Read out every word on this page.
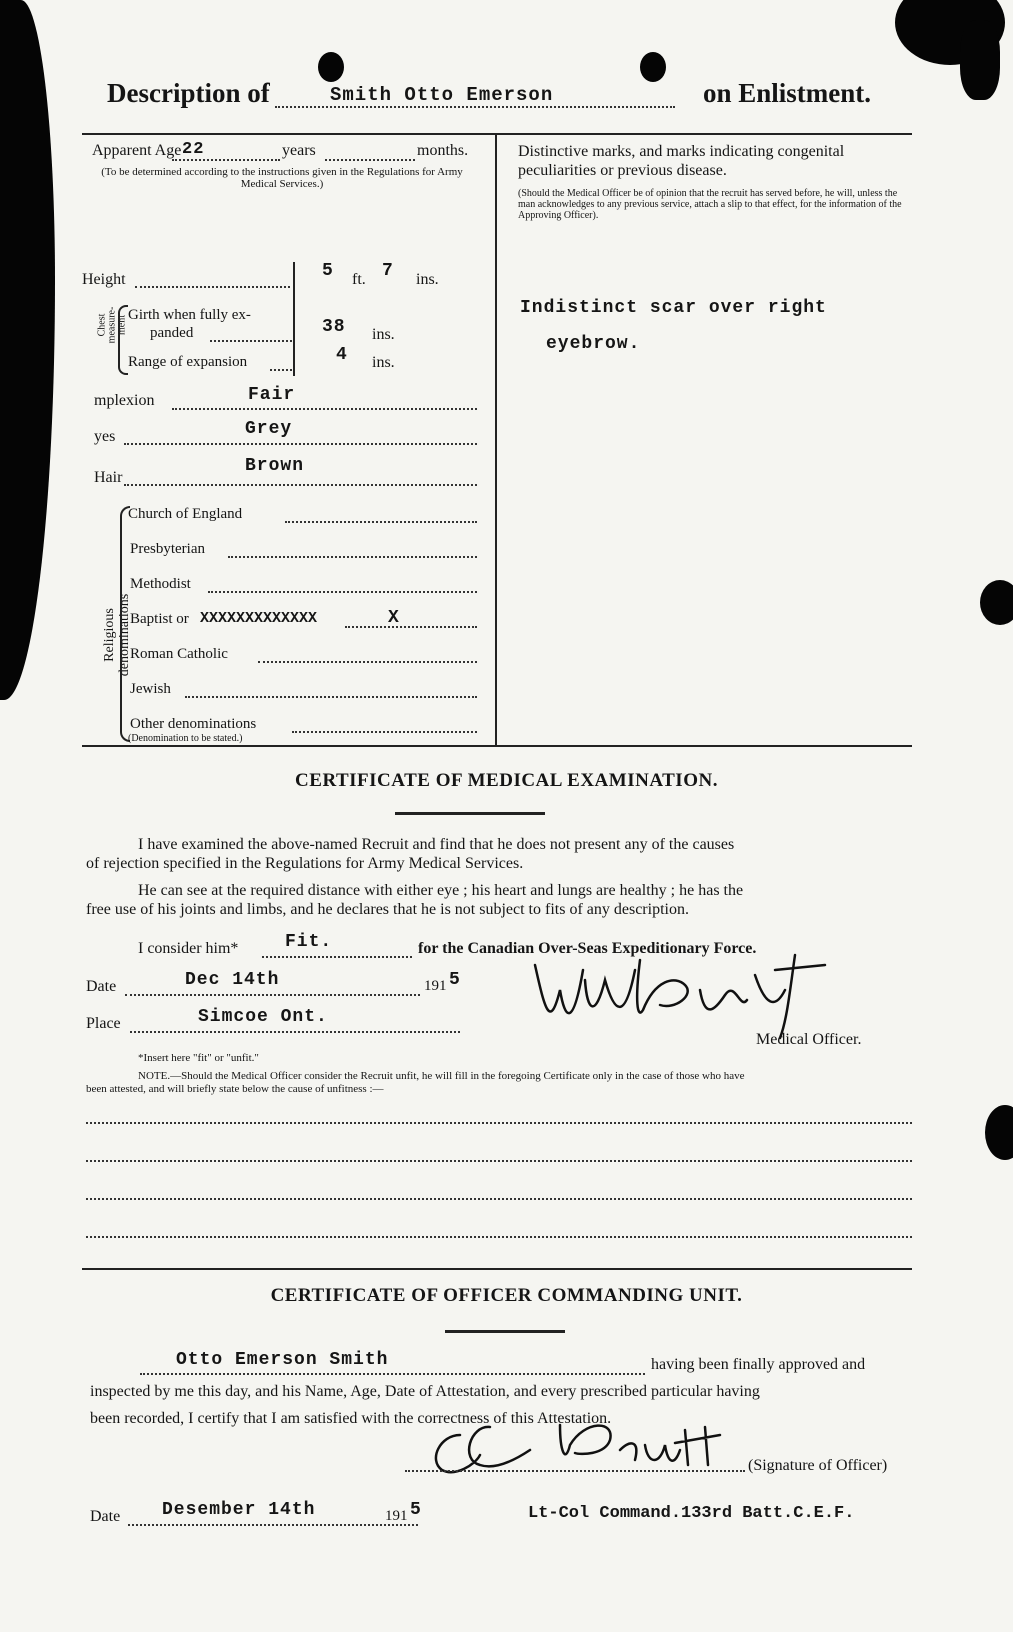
Description of	Smith Otto Emerson	on Enlistment.
Apparent Age 22	years	months.
(To be determined according to the instructions given in the Regulations for Army Medical Services.)
Height	5 ft. 7 ins.
Chest measure-ment Girth when fully ex-
panded	38 ins.
Range of expansion	4 ins.
mplexion	Fair
yes	Grey
Hair
Brown
Religious denominations
Church of England
Presbyterian
Methodist
Baptist or XXXXXXXXXXXXX	X
Roman Catholic
Jewish
Other denominations
(Denomination to be stated.)
Distinctive marks, and marks indicating congenital peculiarities or previous disease.
(Should the Medical Officer be of opinion that the recruit has served before, he will, unless the man acknowledges to any previous service, attach a slip to that effect, for the information of the Approving Officer).
Indistinct scar over right
eyebrow.
CERTIFICATE OF MEDICAL EXAMINATION.
I have examined the above-named Recruit and find that he does not present any of the causes
of rejection specified in the Regulations for Army Medical Services.
He can see at the required distance with either eye ; his heart and lungs are healthy ; he has the
free use of his joints and limbs, and he declares that he is not subject to fits of any description.
I consider him*	Fit.	for the Canadian Over-Seas Expeditionary Force.
Date	Dec 14th	191 5
Place	Simcoe Ont.
Medical Officer.
*Insert here "fit" or "unfit."
NOTE.—Should the Medical Officer consider the Recruit unfit, he will fill in the foregoing Certificate only in the case of those who have
been attested, and will briefly state below the cause of unfitness :—
CERTIFICATE OF OFFICER COMMANDING UNIT.
Otto Emerson Smith	having been finally approved and
inspected by me this day, and his Name, Age, Date of Attestation, and every prescribed particular having
been recorded, I certify that I am satisfied with the correctness of this Attestation.
(Signature of Officer)
Date Desember 14th	191 5	Lt-Col Command.133rd Batt.C.E.F.
